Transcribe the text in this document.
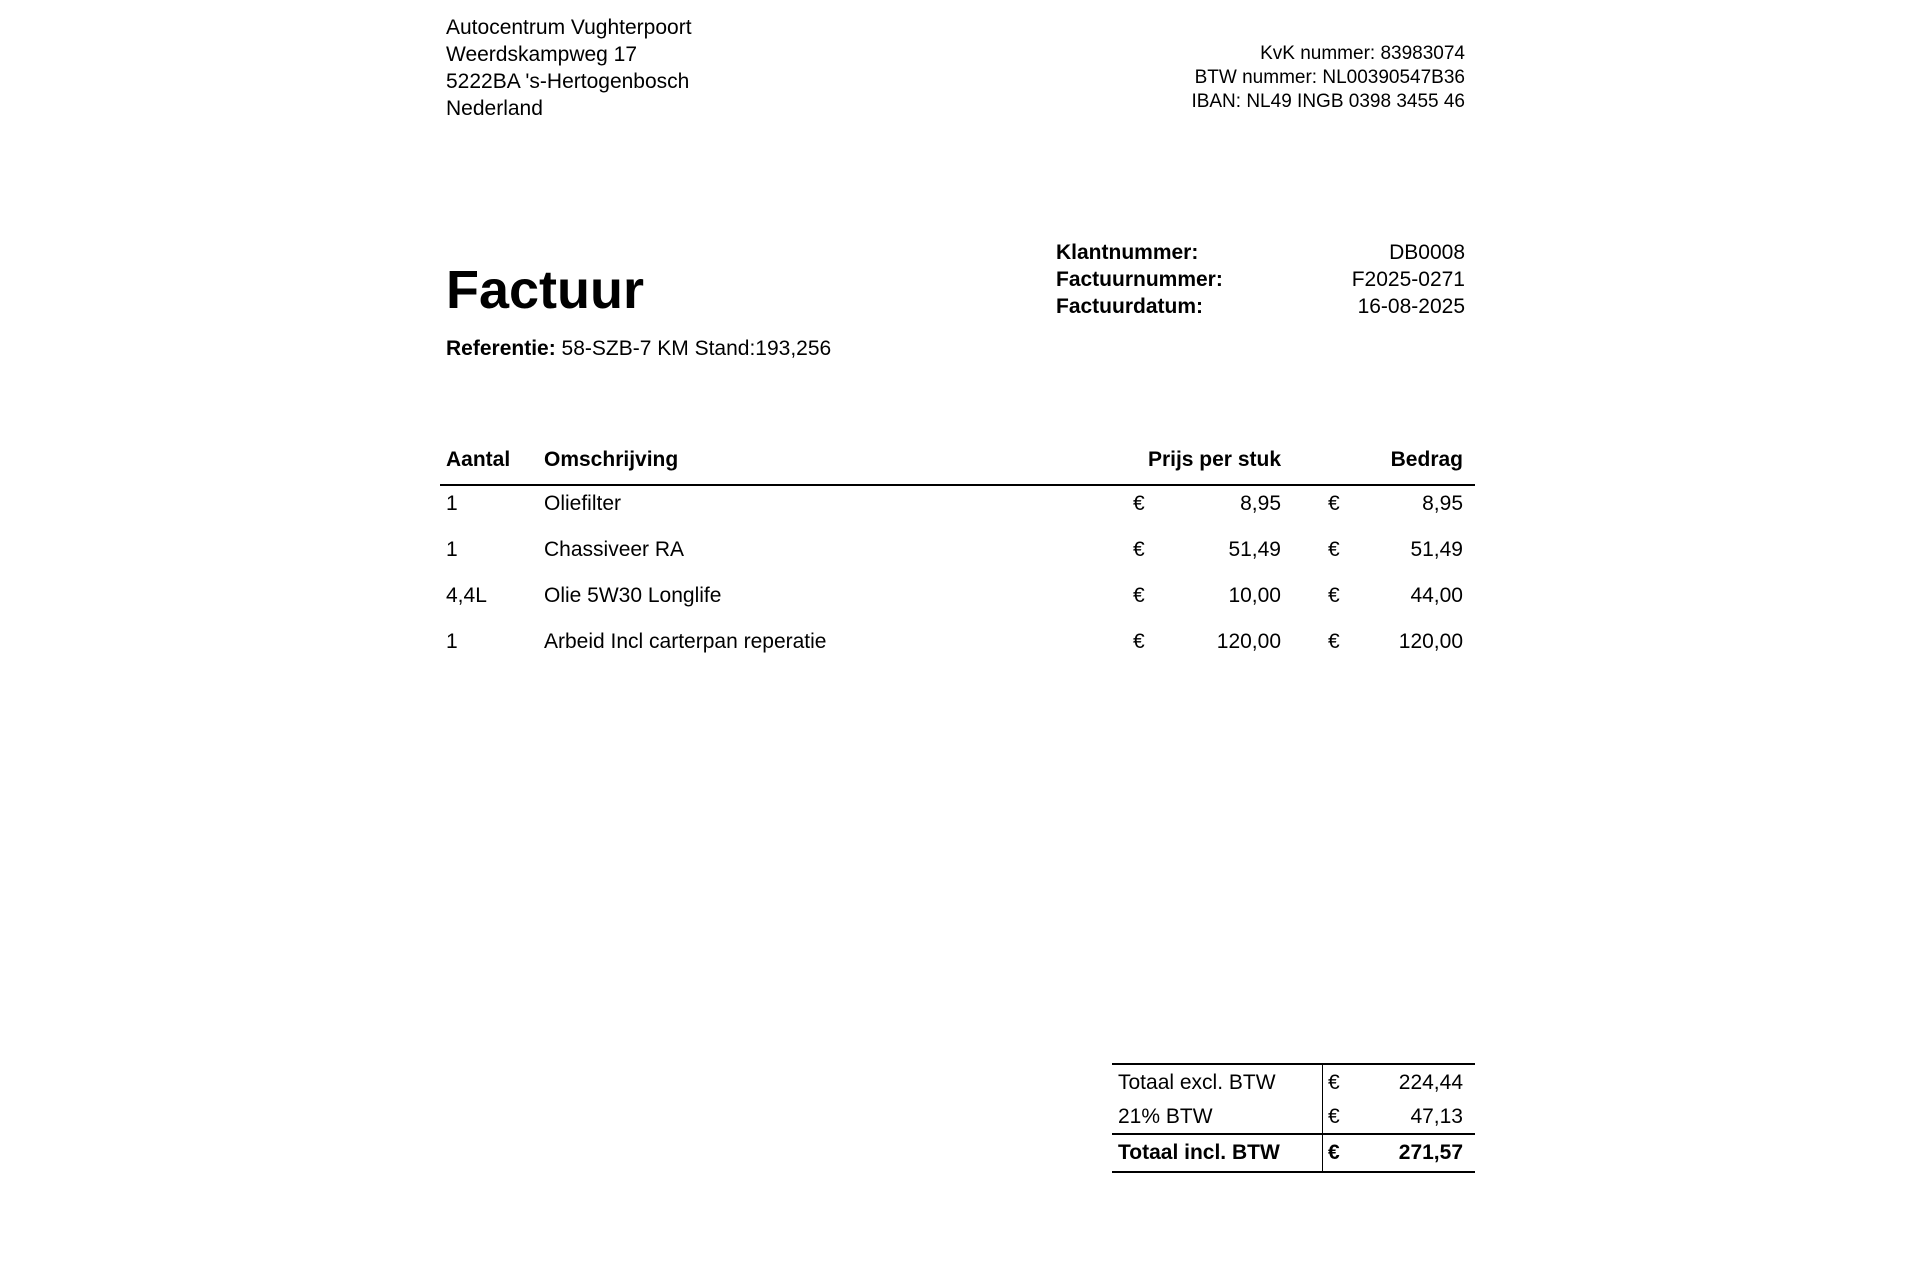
Autocentrum Vughterpoort
Weerdskampweg 17
5222BA 's-Hertogenbosch
Nederland
KvK nummer: 83983074
BTW nummer: NL00390547B36
IBAN: NL49 INGB 0398 3455 46
Factuur
Referentie: 58-SZB-7 KM Stand:193,256
Klantnummer:	DB0008
Factuurnummer:	F2025-0271
Factuurdatum:	16-08-2025
Aantal Omschrijving	Prijs per stuk	Bedrag
1	Oliefilter	€	8,95 €	8,95
1	Chassiveer RA	€	51,49 €	51,49
4,4L	Olie 5W30 Longlife	€	10,00 €	44,00
1	Arbeid Incl carterpan reperatie	€	120,00 €	120,00
Totaal excl. BTW €	224,44
21% BTW	€	47,13
Totaal incl. BTW €	271,57
